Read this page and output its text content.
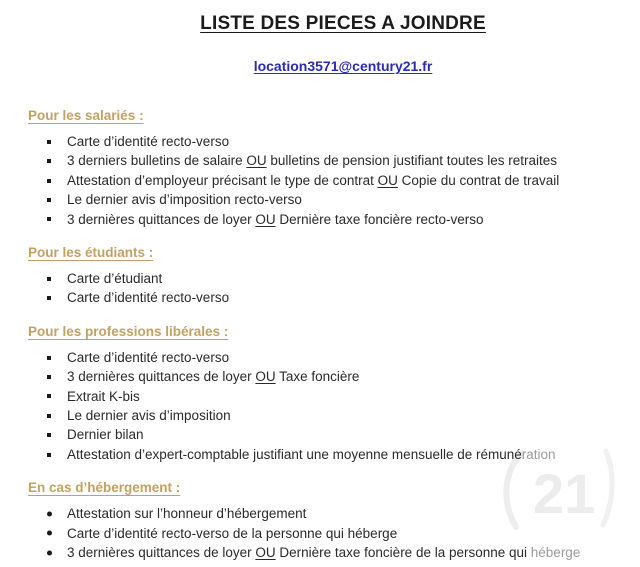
21
LISTE DES PIECES A JOINDRE

location3571@century21.fr
Pour les salariés :
Carte d’identité recto-verso
3 derniers bulletins de salaire OU bulletins de pension justifiant toutes les retraites
Attestation d’employeur précisant le type de contrat OU Copie du contrat de travail
Le dernier avis d’imposition recto-verso
3 dernières quittances de loyer OU Dernière taxe foncière recto-verso
Pour les étudiants :
Carte d’étudiant
Carte d’identité recto-verso
Pour les professions libérales :
Carte d’identité recto-verso
3 dernières quittances de loyer OU Taxe foncière
Extrait K-bis
Le dernier avis d’imposition
Dernier bilan
Attestation d’expert-comptable justifiant une moyenne mensuelle de rémunération
En cas d’hébergement :
Attestation sur l’honneur d’hébergement
Carte d’identité recto-verso de la personne qui héberge
3 dernières quittances de loyer OU Dernière taxe foncière de la personne qui héberge
